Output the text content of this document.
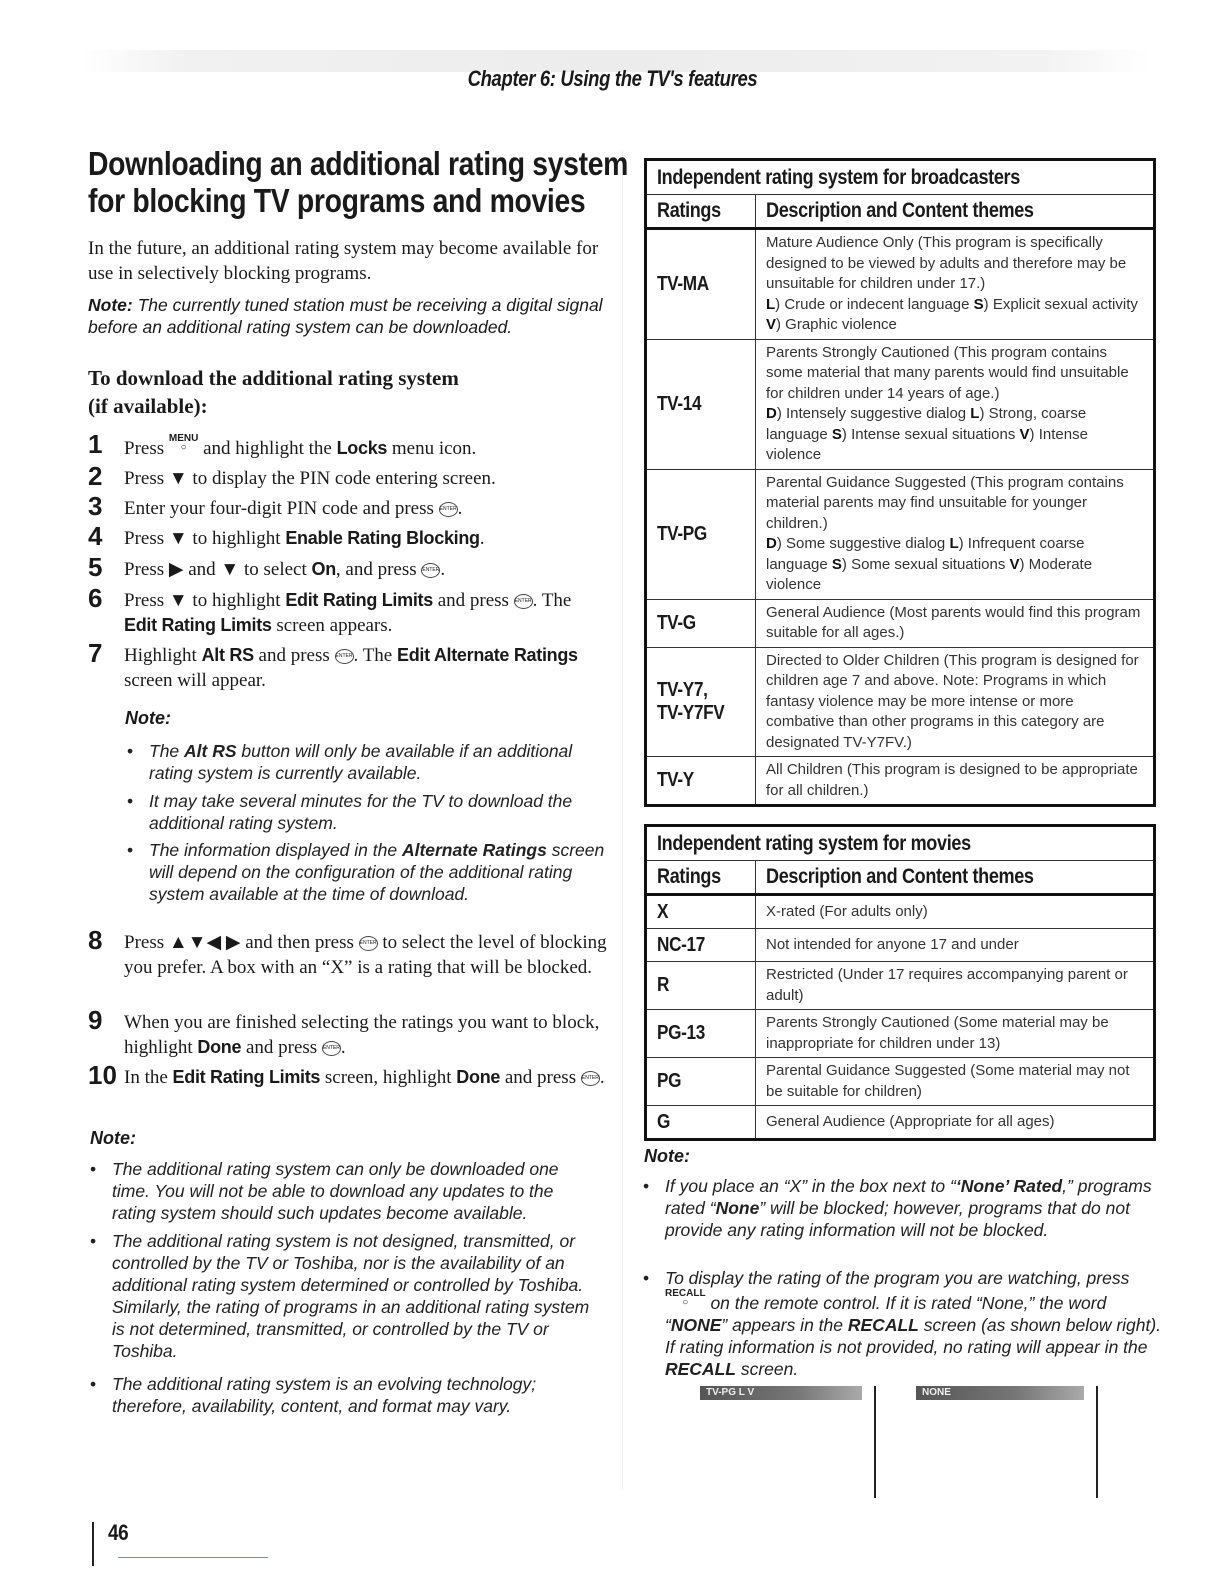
Chapter 6: Using the TV's features
Downloading an additional rating system
for blocking TV programs and movies
In the future, an additional rating system may become available for use in selectively blocking programs.
Note: The currently tuned station must be receiving a digital signal before an additional rating system can be downloaded.
To download the additional rating system
(if available):
1 Press MENU
○ and highlight the Locks menu icon.
2 Press ▼ to display the PIN code entering screen.
3 Enter your four-digit PIN code and press ENTER.
4 Press ▼ to highlight Enable Rating Blocking.
5 Press ▶ and ▼ to select On, and press ENTER.
6 Press ▼ to highlight Edit Rating Limits and press ENTER. The Edit Rating Limits screen appears.
7 Highlight Alt RS and press ENTER. The Edit Alternate Ratings screen will appear.
Note:
• The Alt RS button will only be available if an additional rating system is currently available.
• It may take several minutes for the TV to download the additional rating system.
• The information displayed in the Alternate Ratings screen will depend on the configuration of the additional rating system available at the time of download.
8 Press ▲▼◀ ▶ and then press ENTER to select the level of blocking you prefer. A box with an “X” is a rating that will be blocked.
9 When you are finished selecting the ratings you want to block, highlight Done and press ENTER.
10 In the Edit Rating Limits screen, highlight Done and press ENTER.
Note:
• The additional rating system can only be downloaded one time. You will not be able to download any updates to the rating system should such updates become available.
• The additional rating system is not designed, transmitted, or controlled by the TV or Toshiba, nor is the availability of an additional rating system determined or controlled by Toshiba. Similarly, the rating of programs in an additional rating system is not determined, transmitted, or controlled by the TV or Toshiba.
• The additional rating system is an evolving technology; therefore, availability, content, and format may vary.
46
Independent rating system for broadcasters	
Ratings	Description and Content themes

TV-MA	Mature Audience Only (This program is specifically designed to be viewed by adults and therefore may be unsuitable for children under 17.)
L) Crude or indecent language S) Explicit sexual activity V) Graphic violence

TV-14	Parents Strongly Cautioned (This program contains some material that many parents would find unsuitable for children under 14 years of age.)
D) Intensely suggestive dialog L) Strong, coarse language S) Intense sexual situations V) Intense violence

TV-PG	Parental Guidance Suggested (This program contains material parents may find unsuitable for younger children.)
D) Some suggestive dialog L) Infrequent coarse language S) Some sexual situations V) Moderate violence

TV-G	General Audience (Most parents would find this program suitable for all ages.)

TV-Y7,
TV-Y7FV	Directed to Older Children (This program is designed for children age 7 and above. Note: Programs in which fantasy violence may be more intense or more combative than other programs in this category are designated TV-Y7FV.)

TV-Y	All Children (This program is designed to be appropriate for all children.)
Independent rating system for movies	
Ratings	Description and Content themes
X	X-rated (For adults only)
NC-17	Not intended for anyone 17 and under
R	Restricted (Under 17 requires accompanying parent or adult)
PG-13	Parents Strongly Cautioned (Some material may be inappropriate for children under 13)
PG	Parental Guidance Suggested (Some material may not be suitable for children)
G	General Audience (Appropriate for all ages)
Note:
• If you place an “X” in the box next to “‘None’ Rated,” programs rated “None” will be blocked; however, programs that do not provide any rating information will not be blocked.
• To display the rating of the program you are watching, press RECALL
○ on the remote control. If it is rated “None,” the word “NONE” appears in the RECALL screen (as shown below right). If rating information is not provided, no rating will appear in the RECALL screen.
TV-PG L V	NONE
